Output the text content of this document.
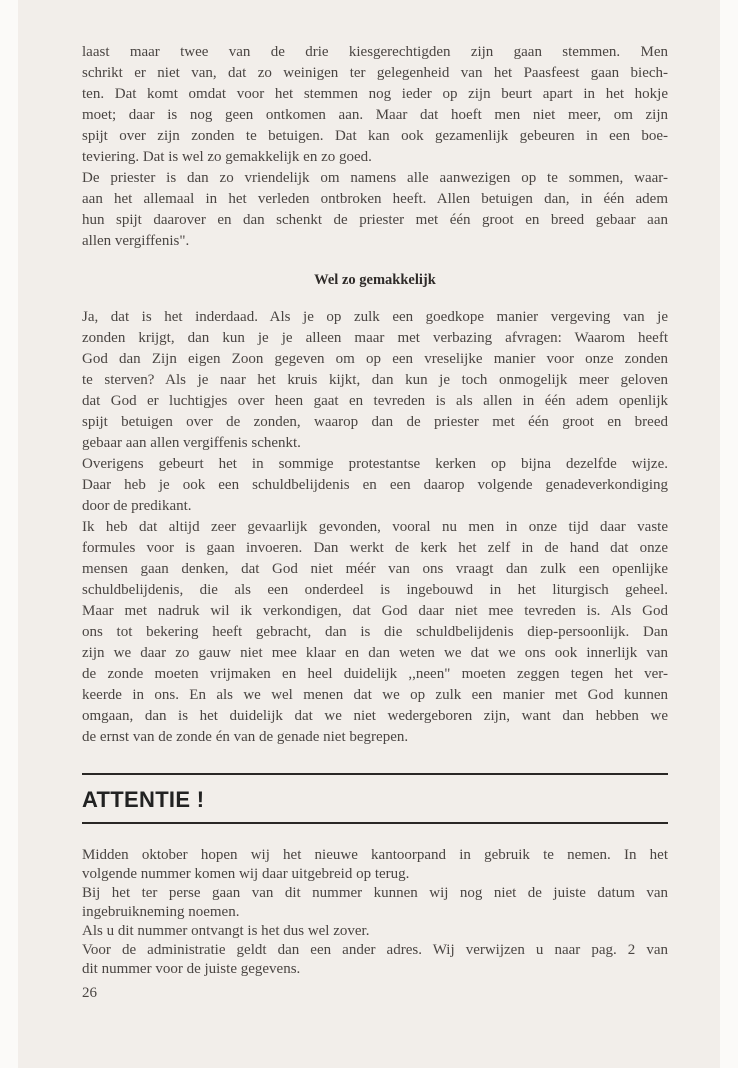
laast maar twee van de drie kiesgerechtigden zijn gaan stemmen. Men
schrikt er niet van, dat zo weinigen ter gelegenheid van het Paasfeest gaan biech-
ten. Dat komt omdat voor het stemmen nog ieder op zijn beurt apart in het hokje
moet; daar is nog geen ontkomen aan. Maar dat hoeft men niet meer, om zijn
spijt over zijn zonden te betuigen. Dat kan ook gezamenlijk gebeuren in een boe-
teviering. Dat is wel zo gemakkelijk en zo goed.
De priester is dan zo vriendelijk om namens alle aanwezigen op te sommen, waar-
aan het allemaal in het verleden ontbroken heeft. Allen betuigen dan, in één adem
hun spijt daarover en dan schenkt de priester met één groot en breed gebaar aan
allen vergiffenis".
Wel zo gemakkelijk
Ja, dat is het inderdaad. Als je op zulk een goedkope manier vergeving van je
zonden krijgt, dan kun je je alleen maar met verbazing afvragen: Waarom heeft
God dan Zijn eigen Zoon gegeven om op een vreselijke manier voor onze zonden
te sterven? Als je naar het kruis kijkt, dan kun je toch onmogelijk meer geloven
dat God er luchtigjes over heen gaat en tevreden is als allen in één adem openlijk
spijt betuigen over de zonden, waarop dan de priester met één groot en breed
gebaar aan allen vergiffenis schenkt.
Overigens gebeurt het in sommige protestantse kerken op bijna dezelfde wijze.
Daar heb je ook een schuldbelijdenis en een daarop volgende genadeverkondiging
door de predikant.
Ik heb dat altijd zeer gevaarlijk gevonden, vooral nu men in onze tijd daar vaste
formules voor is gaan invoeren. Dan werkt de kerk het zelf in de hand dat onze
mensen gaan denken, dat God niet méér van ons vraagt dan zulk een openlijke
schuldbelijdenis, die als een onderdeel is ingebouwd in het liturgisch geheel.
Maar met nadruk wil ik verkondigen, dat God daar niet mee tevreden is. Als God
ons tot bekering heeft gebracht, dan is die schuldbelijdenis diep-persoonlijk. Dan
zijn we daar zo gauw niet mee klaar en dan weten we dat we ons ook innerlijk van
de zonde moeten vrijmaken en heel duidelijk ,,neen" moeten zeggen tegen het ver-
keerde in ons. En als we wel menen dat we op zulk een manier met God kunnen
omgaan, dan is het duidelijk dat we niet wedergeboren zijn, want dan hebben we
de ernst van de zonde én van de genade niet begrepen.
ATTENTIE !
Midden oktober hopen wij het nieuwe kantoorpand in gebruik te nemen. In het
volgende nummer komen wij daar uitgebreid op terug.
Bij het ter perse gaan van dit nummer kunnen wij nog niet de juiste datum van
ingebruikneming noemen.
Als u dit nummer ontvangt is het dus wel zover.
Voor de administratie geldt dan een ander adres. Wij verwijzen u naar pag. 2 van
dit nummer voor de juiste gegevens.
26
